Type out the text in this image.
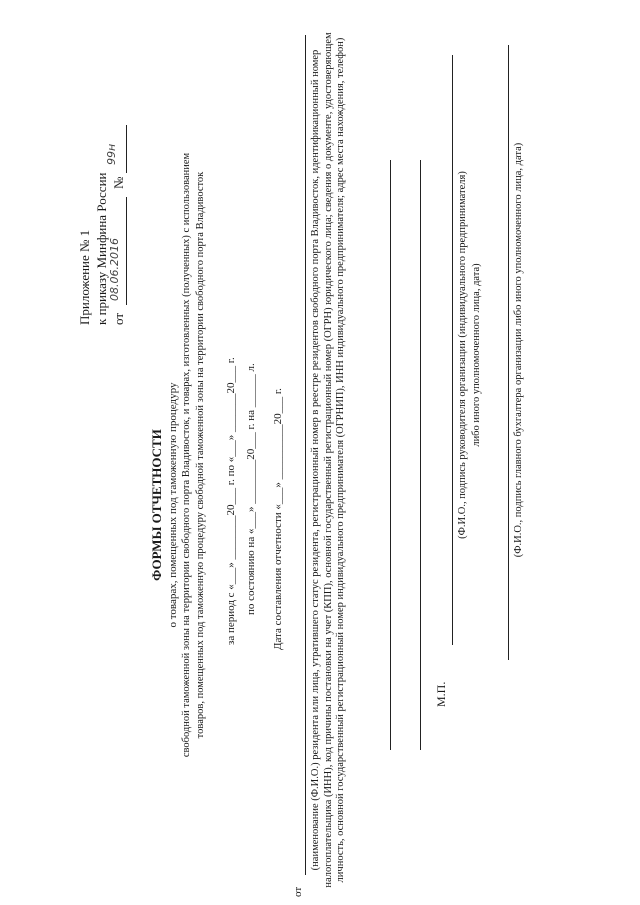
Приложение № 1 к приказу Минфина России от
08.06.2016
№
99н
ФОРМЫ ОТЧЕТНОСТИ о товарах, помещенных под таможенную процедуру свободной таможенной зоны на территории свободного порта Владивосток, и товарах, изготовленных (полученных) с использованием товаров, помещенных под таможенную процедуру свободной таможенной зоны на территории свободного порта Владивосток за период с «___» ________20___ г. по «___» _______20___ г. по состоянию на «___» ________20___ г. на ______ л. Дата составления отчетности «___» __________20___ г.
от
(наименование (Ф.И.О.) резидента или лица, утратившего статус резидента, регистрационный номер в реестре резидентов свободного порта Владивосток, идентификационный номер налогоплательщика (ИНН), код причины постановки на учет (КПП), основной государственный регистрационный номер (ОГРН) юридического лица; сведения о документе, удостоверяющем личность, основной государственный регистрационный номер индивидуального предпринимателя (ОГРНИП), ИНН индивидуального предпринимателя; адрес места нахождения, телефон)	М.П.
(Ф.И.О., подпись руководителя организации (индивидуального предпринимателя) либо иного уполномоченного лица, дата)	(Ф.И.О., подпись главного бухгалтера организации либо иного уполномоченного лица, дата)
